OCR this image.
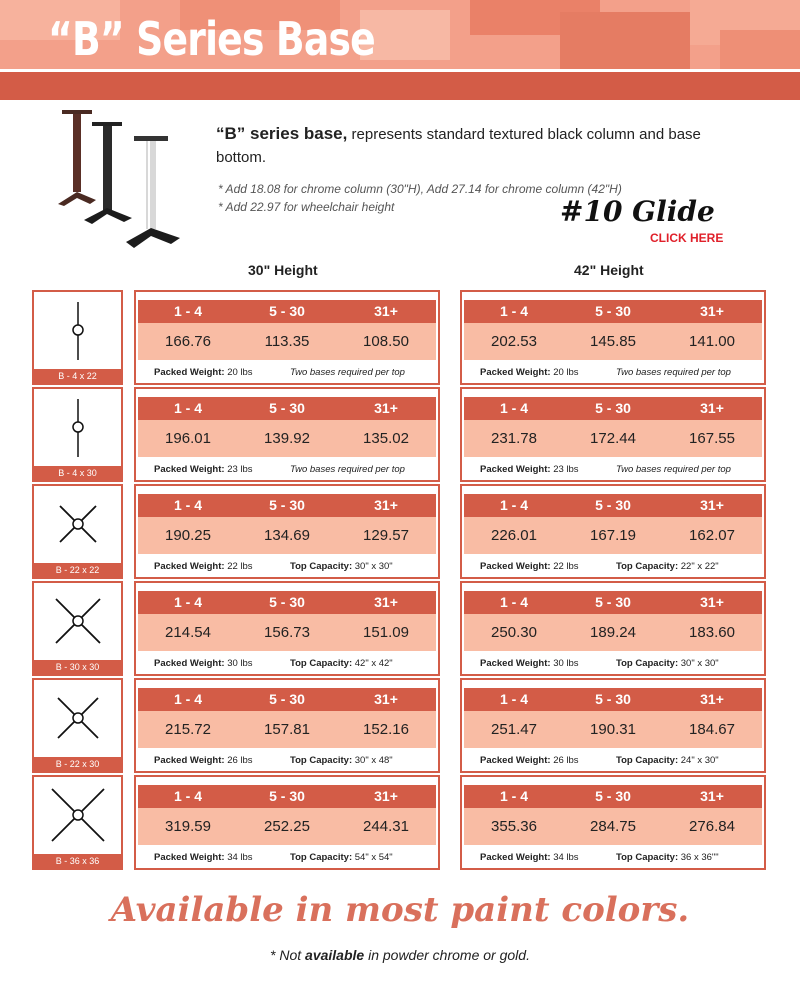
“B” Series Base
“B” series base, represents standard textured black column and base bottom.
* Add 18.08 for chrome column (30"H), Add 27.14 for chrome column (42"H)
* Add 22.97 for wheelchair height	#10 Glide
CLICK HERE
30" Height	42" Height
B - 4 x 22
1 - 4	5 - 30	31+
166.76	113.35	108.50
Packed Weight: 20 lbs	Two bases required per top
1 - 4	5 - 30	31+
202.53	145.85	141.00
Packed Weight: 20 lbs	Two bases required per top
B - 4 x 30
1 - 4	5 - 30	31+
196.01	139.92	135.02
Packed Weight: 23 lbs	Two bases required per top
1 - 4	5 - 30	31+
231.78	172.44	167.55
Packed Weight: 23 lbs	Two bases required per top
B - 22 x 22
1 - 4	5 - 30	31+
190.25	134.69	129.57
Packed Weight: 22 lbs	Top Capacity: 30" x 30"
1 - 4	5 - 30	31+
226.01	167.19	162.07
Packed Weight: 22 lbs	Top Capacity: 22" x 22"
B - 30 x 30
1 - 4	5 - 30	31+
214.54	156.73	151.09
Packed Weight: 30 lbs	Top Capacity: 42" x 42"
1 - 4	5 - 30	31+
250.30	189.24	183.60
Packed Weight: 30 lbs	Top Capacity: 30" x 30"
B - 22 x 30
1 - 4	5 - 30	31+
215.72	157.81	152.16
Packed Weight: 26 lbs	Top Capacity: 30" x 48"
1 - 4	5 - 30	31+
251.47	190.31	184.67
Packed Weight: 26 lbs	Top Capacity: 24" x 30"
B - 36 x 36
1 - 4	5 - 30	31+
319.59	252.25	244.31
Packed Weight: 34 lbs	Top Capacity: 54" x 54"
1 - 4	5 - 30	31+
355.36	284.75	276.84
Packed Weight: 34 lbs	Top Capacity: 36 x 36""
Available in most paint colors.
* Not available in powder chrome or gold.
